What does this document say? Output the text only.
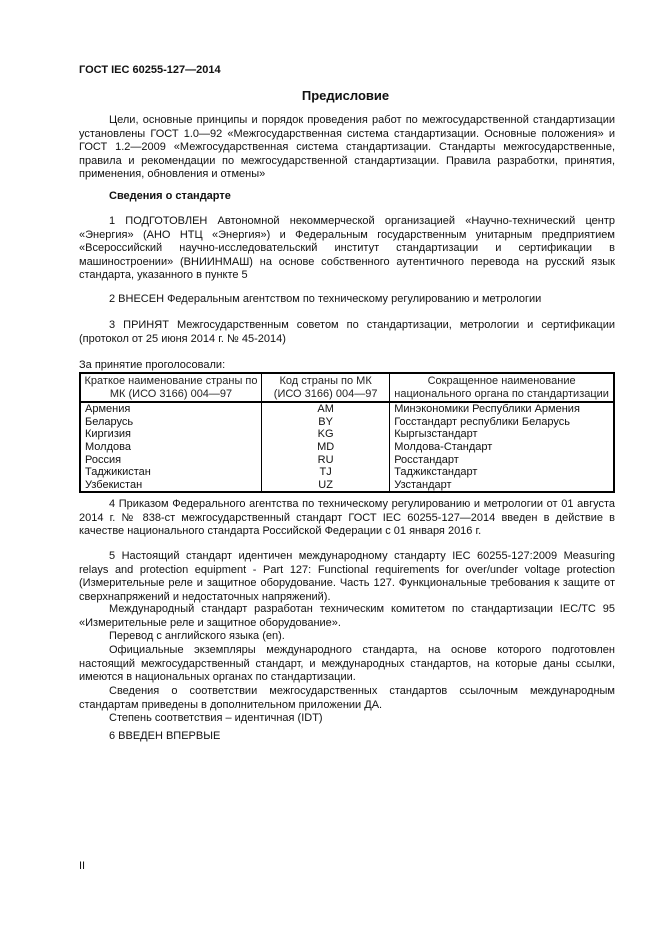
ГОСТ IEC 60255-127—2014
Предисловие
Цели, основные принципы и порядок проведения работ по межгосударственной стандартизации установлены ГОСТ 1.0—92 «Межгосударственная система стандартизации. Основные положения» и ГОСТ 1.2—2009 «Межгосударственная система стандартизации. Стандарты межгосударственные, правила и рекомендации по межгосударственной стандартизации. Правила разработки, принятия, применения, обновления и отмены»
Сведения о стандарте
1 ПОДГОТОВЛЕН Автономной некоммерческой организацией «Научно-технический центр «Энергия» (АНО НТЦ «Энергия») и Федеральным государственным унитарным предприятием «Всероссийский научно-исследовательский институт стандартизации и сертификации в машиностроении» (ВНИИНМАШ) на основе собственного аутентичного перевода на русский язык стандарта, указанного в пункте 5
2 ВНЕСЕН Федеральным агентством по техническому регулированию и метрологии
3 ПРИНЯТ Межгосударственным советом по стандартизации, метрологии и сертификации (протокол от 25 июня 2014 г. № 45-2014)
За принятие проголосовали:
Краткое наименование страны по МК (ИСО 3166) 004—97	Код страны по МК (ИСО 3166) 004—97	Сокращенное наименование национального органа по стандартизации
Армения	AM	Минэкономики Республики Армения
Беларусь	BY	Госстандарт республики Беларусь
Киргизия	KG	Кыргызстандарт
Молдова	MD	Молдова-Стандарт
Россия	RU	Росстандарт
Таджикистан	TJ	Таджикстандарт
Узбекистан	UZ	Узстандарт
4 Приказом Федерального агентства по техническому регулированию и метрологии от 01 августа 2014 г. № 838-ст межгосударственный стандарт ГОСТ IEC 60255-127—2014 введен в действие в качестве национального стандарта Российской Федерации с 01 января 2016 г.
5 Настоящий стандарт идентичен международному стандарту IEC 60255-127:2009 Measuring relays and protection equipment - Part 127: Functional requirements for over/under voltage protection (Измерительные реле и защитное оборудование. Часть 127. Функциональные требования к защите от сверхнапряжений и недостаточных напряжений).
Международный стандарт разработан техническим комитетом по стандартизации IEC/TC 95 «Измерительные реле и защитное оборудование».
Перевод с английского языка (en).
Официальные экземпляры международного стандарта, на основе которого подготовлен настоящий межгосударственный стандарт, и международных стандартов, на которые даны ссылки, имеются в национальных органах по стандартизации.
Сведения о соответствии межгосударственных стандартов ссылочным международным стандартам приведены в дополнительном приложении ДА.
Степень соответствия – идентичная (IDT)
6 ВВЕДЕН ВПЕРВЫЕ
II
